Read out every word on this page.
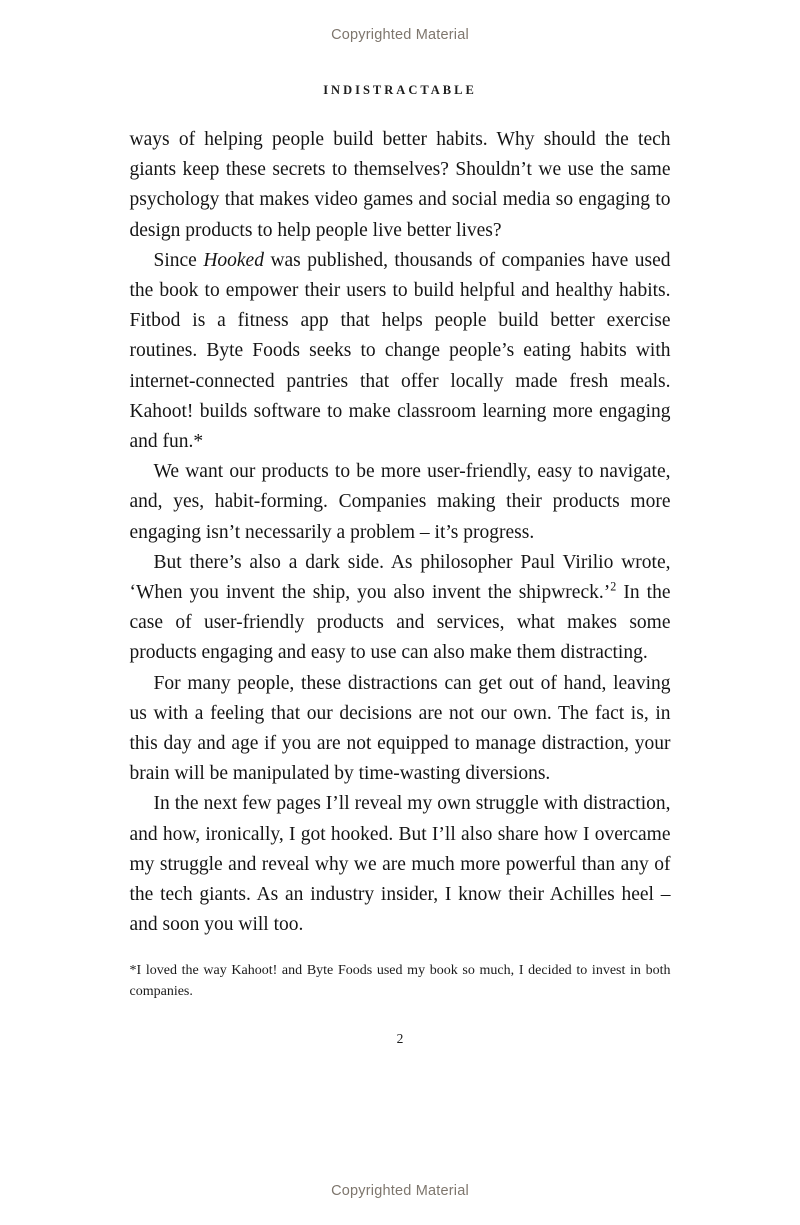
Copyrighted Material
INDISTRACTABLE

ways of helping people build better habits. Why should the tech giants keep these secrets to themselves? Shouldn’t we use the same psychology that makes video games and social media so engaging to design products to help people live better lives?

Since Hooked was published, thousands of companies have used the book to empower their users to build helpful and healthy habits. Fitbod is a fitness app that helps people build better exercise routines. Byte Foods seeks to change people’s eating habits with internet-connected pantries that offer locally made fresh meals. Kahoot! builds software to make classroom learning more engaging and fun.*

We want our products to be more user-friendly, easy to navigate, and, yes, habit-forming. Companies making their products more engaging isn’t necessarily a problem – it’s progress.

But there’s also a dark side. As philosopher Paul Virilio wrote, ‘When you invent the ship, you also invent the shipwreck.’$^2$ In the case of user-friendly products and services, what makes some products engaging and easy to use can also make them distracting.

For many people, these distractions can get out of hand, leaving us with a feeling that our decisions are not our own. The fact is, in this day and age if you are not equipped to manage distraction, your brain will be manipulated by time-wasting diversions.

In the next few pages I’ll reveal my own struggle with distraction, and how, ironically, I got hooked. But I’ll also share how I overcame my struggle and reveal why we are much more powerful than any of the tech giants. As an industry insider, I know their Achilles heel – and soon you will too.

*I loved the way Kahoot! and Byte Foods used my book so much, I decided to invest in both companies.
2
Copyrighted Material
